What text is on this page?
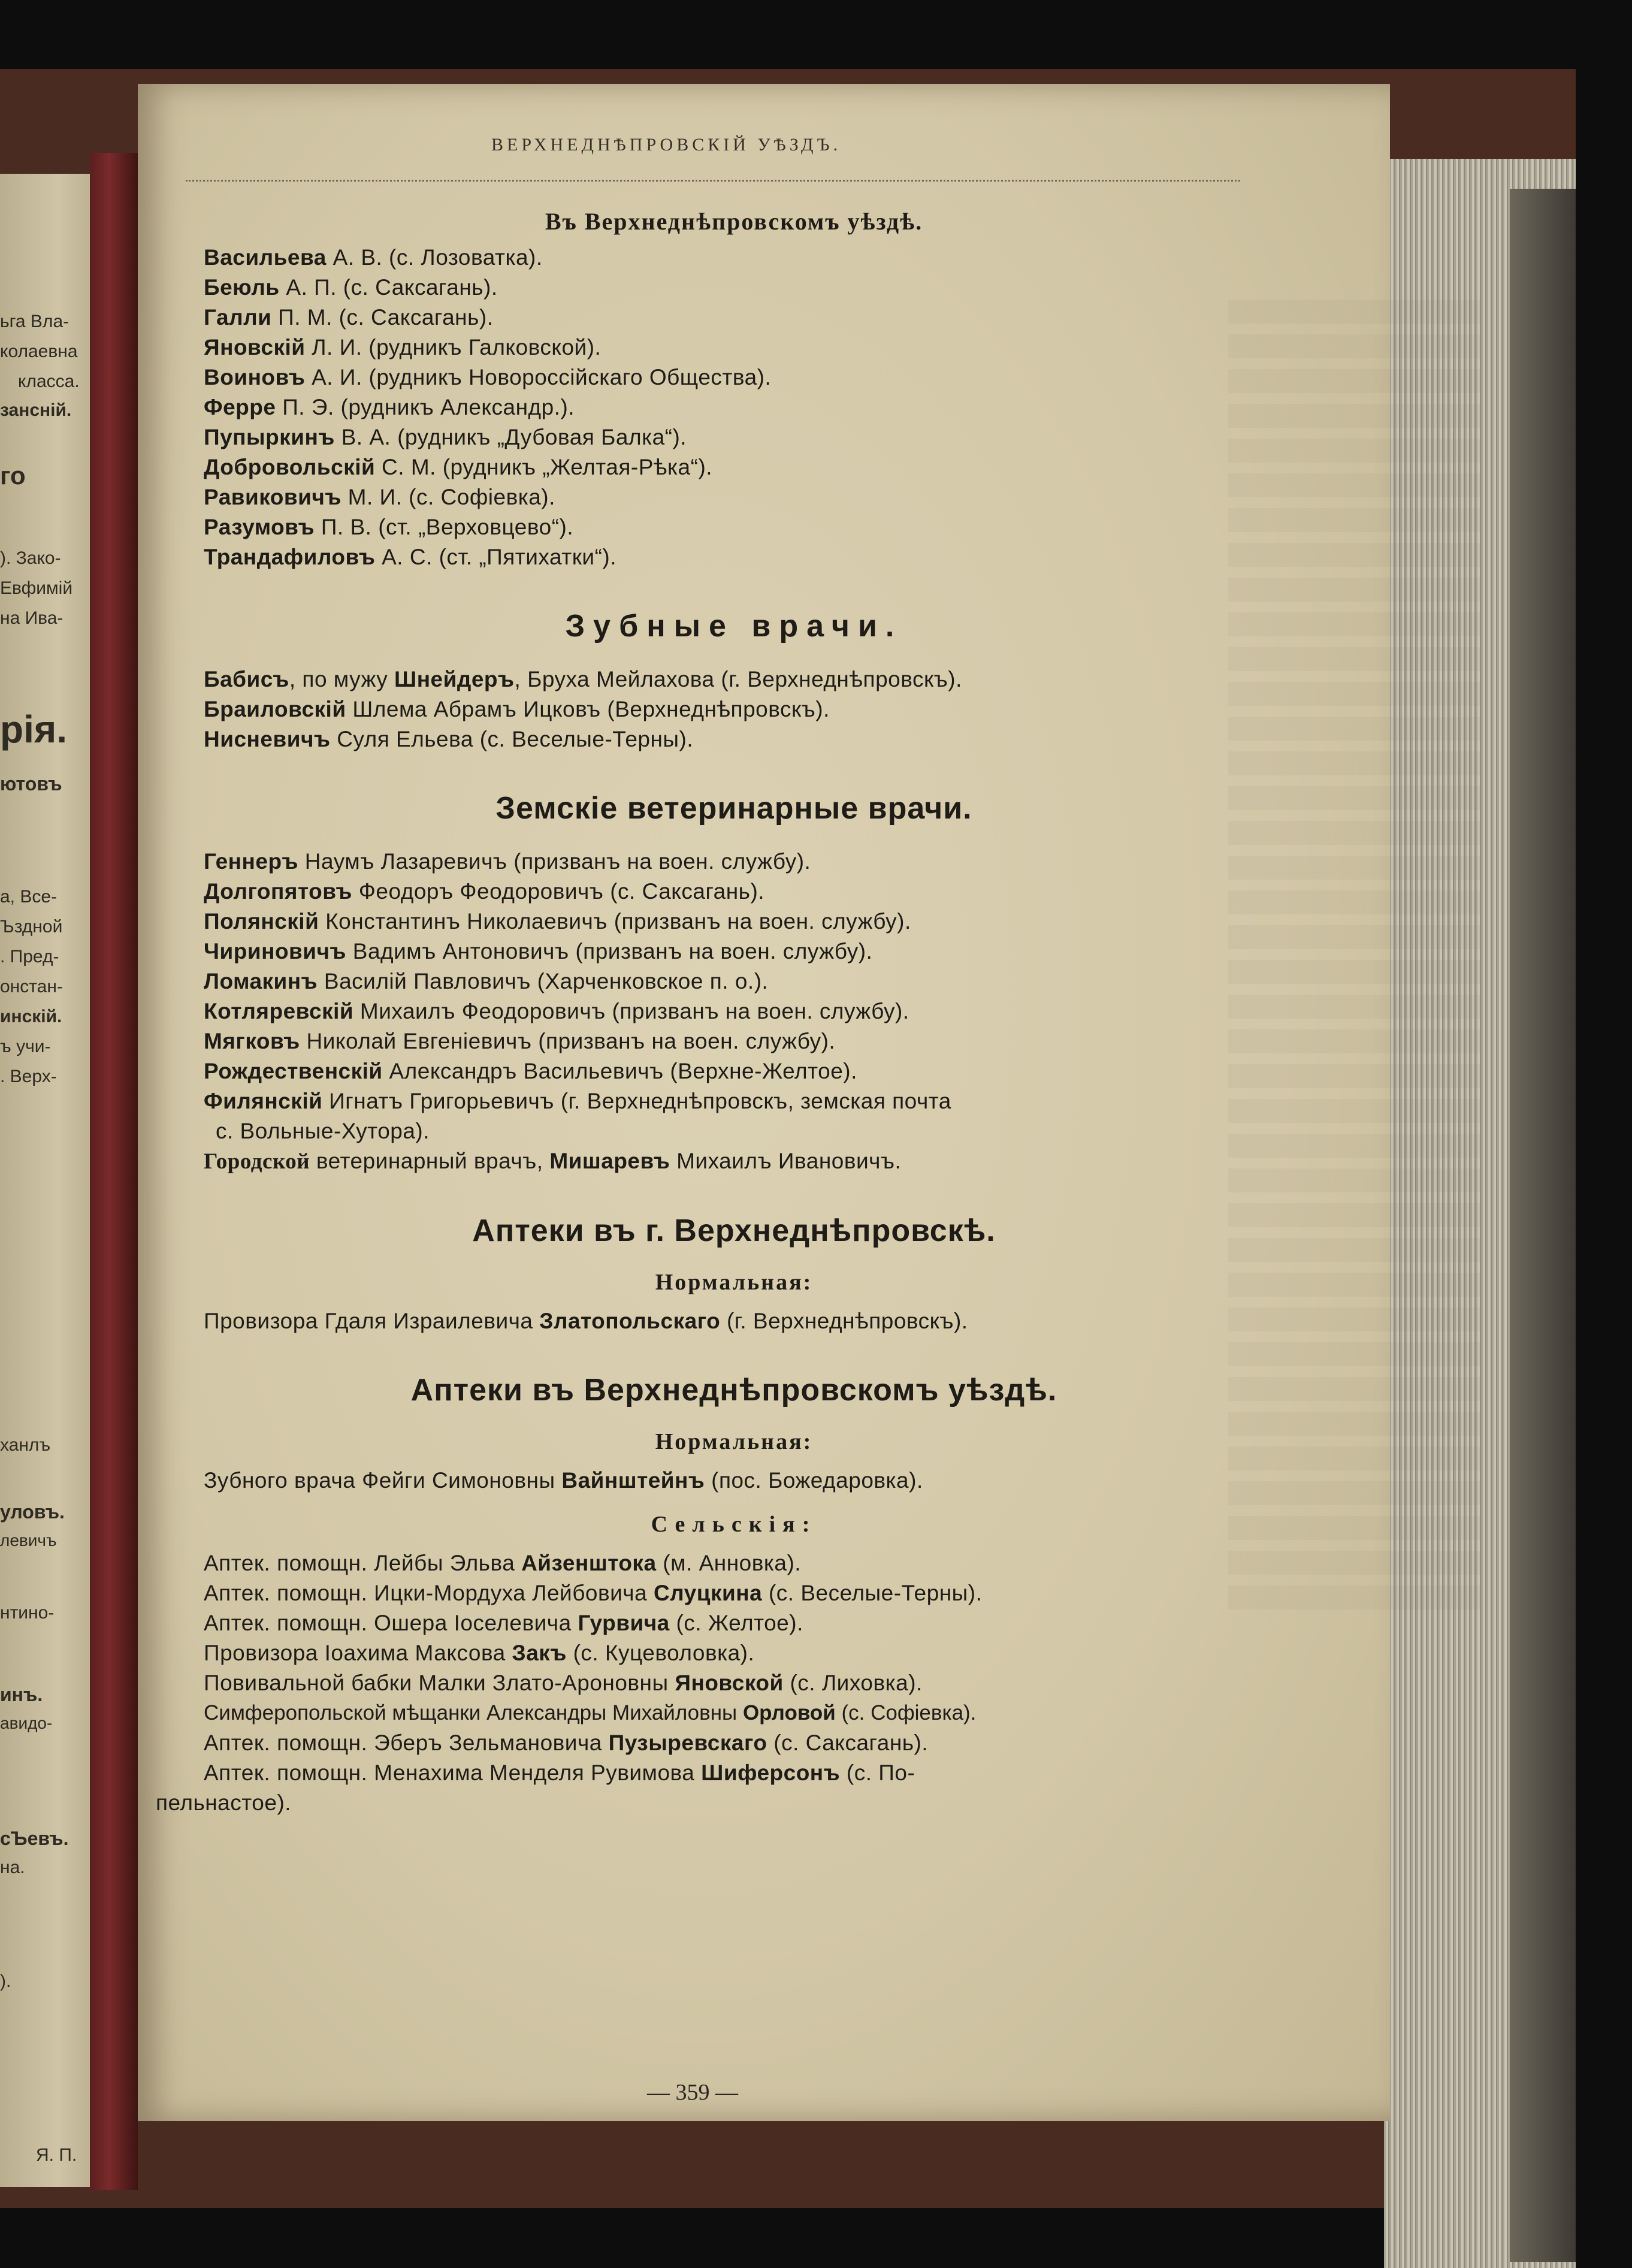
ьга Вла-
колаевна
класса.
зансній.
го
). Зако-
Евфимій
на Ива-
рія.
ютовъ
а, Все-
Ъздной
. Пред-
онстан-
инскій.
ъ учи-
. Верх-
ханлъ
уловъ.
левичъ
нтино-
инъ.
авидо-
сЪевъ.
на.
).
Я. П.
ВЕРХНЕДНѢПРОВСКІЙ УѢЗДЪ.
Въ Верхнеднѣпровскомъ уѣздѣ.
Васильева А. В. (с. Лозоватка).
Беюль А. П. (с. Саксагань).
Галли П. М. (с. Саксагань).
Яновскій Л. И. (рудникъ Галковской).
Воиновъ А. И. (рудникъ Новороссійскаго Общества).
Ферре П. Э. (рудникъ Александр.).
Пупыркинъ В. А. (рудникъ „Дубовая Балка“).
Добровольскій С. М. (рудникъ „Желтая-Рѣка“).
Равиковичъ М. И. (с. Софіевка).
Разумовъ П. В. (ст. „Верховцево“).
Трандафиловъ А. С. (ст. „Пятихатки“).
Зубные врачи.
Бабисъ, по мужу Шнейдеръ, Бруха Мейлахова (г. Верхнеднѣпровскъ).
Браиловскій Шлема Абрамъ Ицковъ (Верхнеднѣпровскъ).
Нисневичъ Суля Ельева (с. Веселые-Терны).
Земскіе ветеринарные врачи.
Геннеръ Наумъ Лазаревичъ (призванъ на воен. службу).
Долгопятовъ Феодоръ Феодоровичъ (с. Саксагань).
Полянскій Константинъ Николаевичъ (призванъ на воен. службу).
Чириновичъ Вадимъ Антоновичъ (призванъ на воен. службу).
Ломакинъ Василій Павловичъ (Харченковское п. о.).
Котляревскій Михаилъ Феодоровичъ (призванъ на воен. службу).
Мягковъ Николай Евгеніевичъ (призванъ на воен. службу).
Рождественскій Александръ Васильевичъ (Верхне-Желтое).
Филянскій Игнатъ Григорьевичъ (г. Верхнеднѣпровскъ, земская почта
с. Вольные-Хутора).
Городской ветеринарный врачъ, Мишаревъ Михаилъ Ивановичъ.
Аптеки въ г. Верхнеднѣпровскѣ.
Нормальная:
Провизора Гдаля Израилевича Златопольскаго (г. Верхнеднѣпровскъ).
Аптеки въ Верхнеднѣпровскомъ уѣздѣ.
Нормальная:
Зубного врача Фейги Симоновны Вайнштейнъ (пос. Божедаровка).
Сельскія:
Аптек. помощн. Лейбы Эльва Айзенштока (м. Анновка).
Аптек. помощн. Ицки-Мордуха Лейбовича Слуцкина (с. Веселые-Терны).
Аптек. помощн. Ошера Іоселевича Гурвича (с. Желтое).
Провизора Іоахима Максова Закъ (с. Куцеволовка).
Повивальной бабки Малки Злато-Ароновны Яновской (с. Лиховка).
Симферопольской мѣщанки Александры Михайловны Орловой (с. Софіевка).
Аптек. помощн. Эберъ Зельмановича Пузыревскаго (с. Саксагань).
Аптек. помощн. Менахима Менделя Рувимова Шиферсонъ (с. По-
пельнастое).
— 359 —
